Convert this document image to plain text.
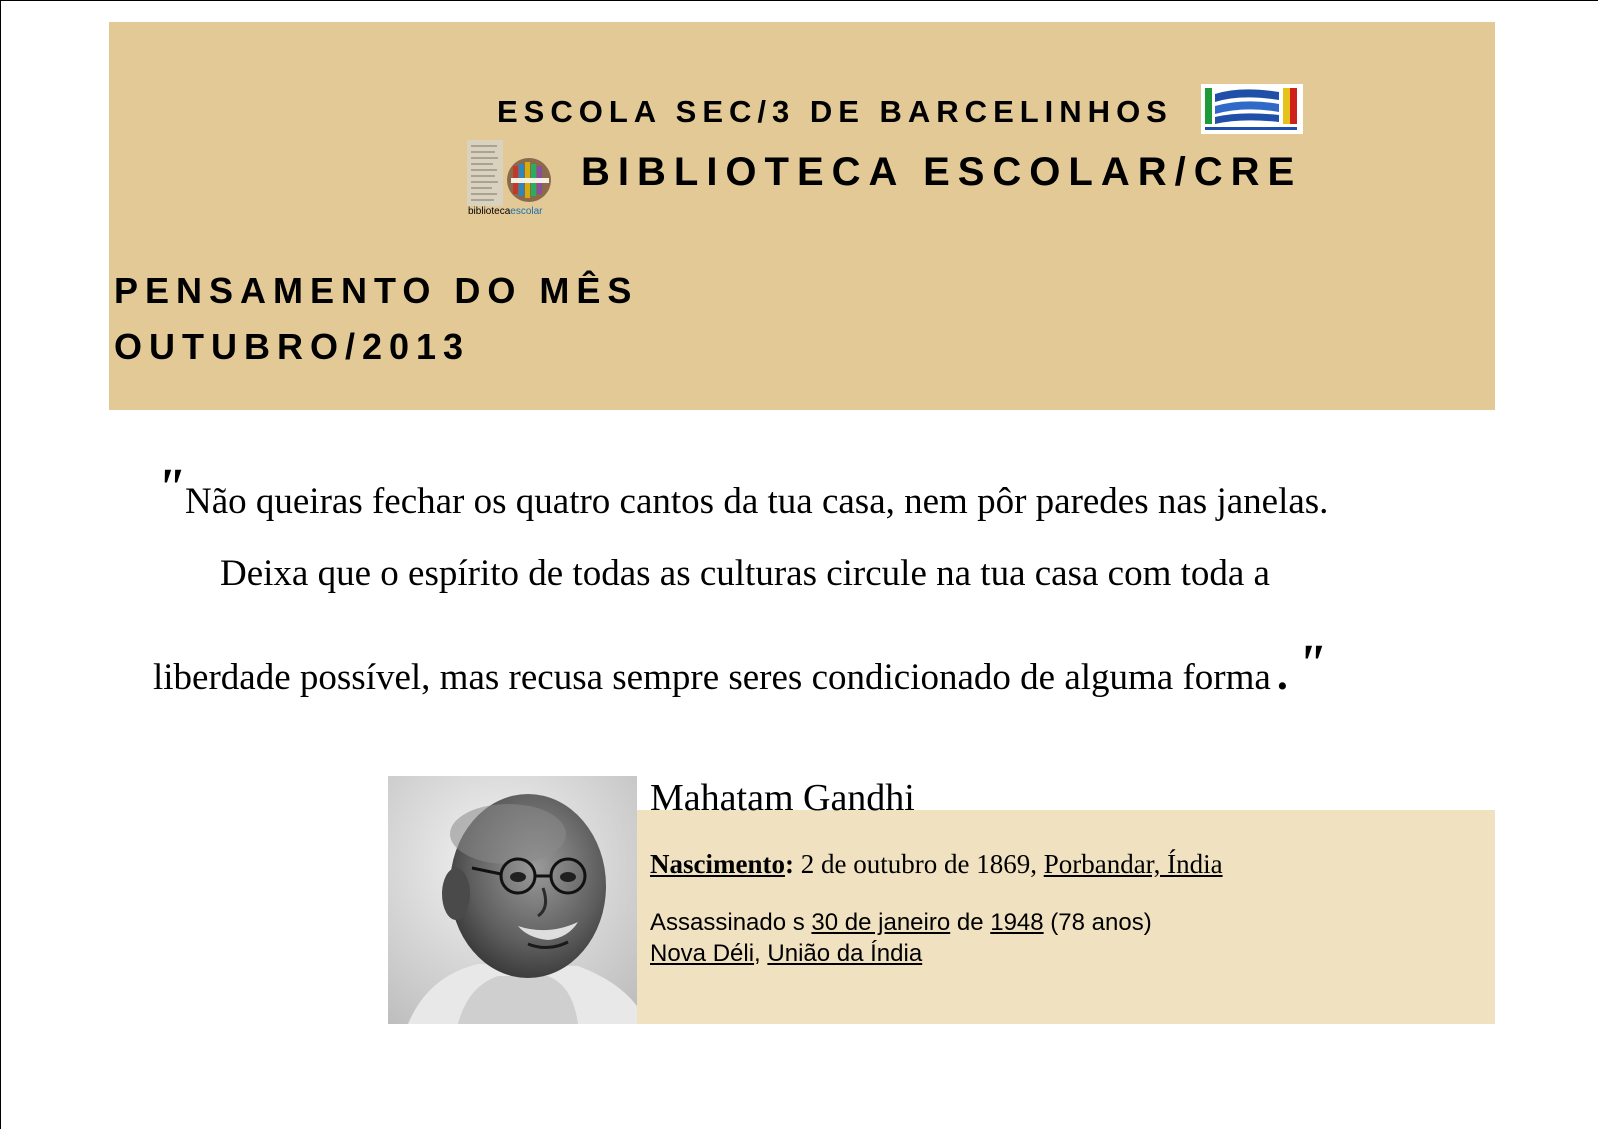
ESCOLA SEC/3 DE BARCELINHOS
bibliotecaescolar
BIBLIOTECA ESCOLAR/CRE
PENSAMENTO DO MÊS
OUTUBRO/2013
"Não queiras fechar os quatro cantos da tua casa, nem pôr paredes nas janelas.
Deixa que o espírito de todas as culturas circule na tua casa com toda a
liberdade possível, mas recusa sempre seres condicionado de alguma forma . "
Mahatam Gandhi
Nascimento: 2 de outubro de 1869, Porbandar, Índia
Assassinado s 30 de janeiro de 1948 (78 anos)
Nova Déli, União da Índia
